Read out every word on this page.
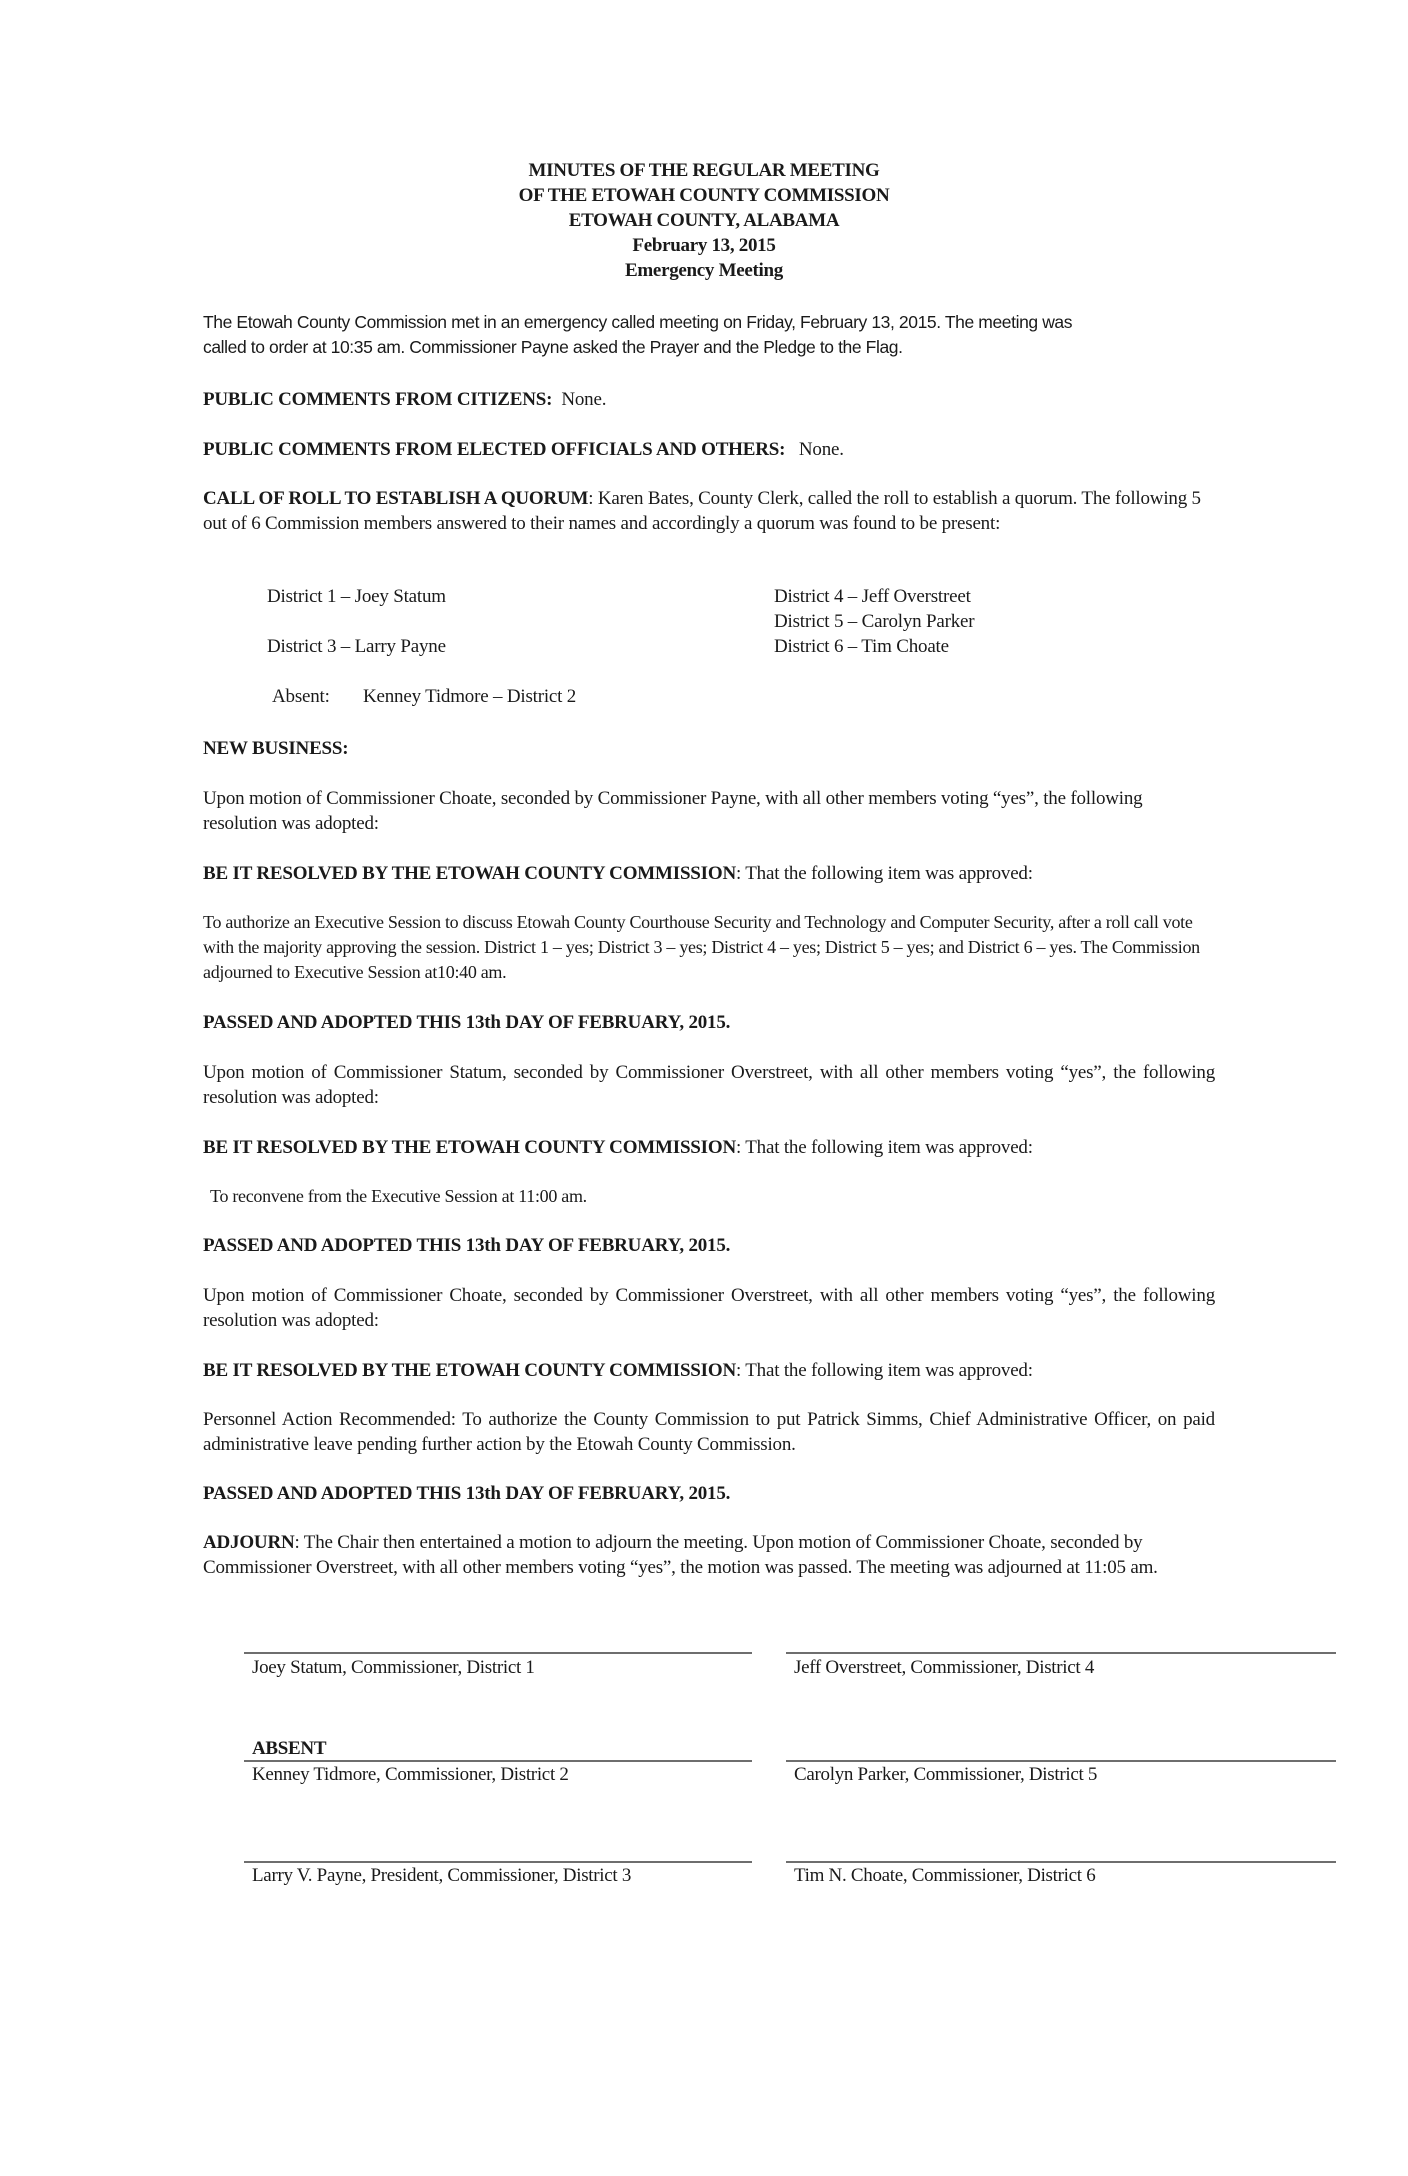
MINUTES OF THE REGULAR MEETING
OF THE ETOWAH COUNTY COMMISSION
ETOWAH COUNTY, ALABAMA
February 13, 2015
Emergency Meeting
The Etowah County Commission met in an emergency called meeting on Friday, February 13, 2015. The meeting was
called to order at 10:35 am. Commissioner Payne asked the Prayer and the Pledge to the Flag.
PUBLIC COMMENTS FROM CITIZENS: None.
PUBLIC COMMENTS FROM ELECTED OFFICIALS AND OTHERS: None.
CALL OF ROLL TO ESTABLISH A QUORUM: Karen Bates, County Clerk, called the roll to establish a quorum. The following 5 out of 6 Commission members answered to their names and accordingly a quorum was found to be present:
District 1 – Joey Statum
District 3 – Larry Payne
District 4 – Jeff Overstreet
District 5 – Carolyn Parker
District 6 – Tim Choate
Absent: Kenney Tidmore – District 2
NEW BUSINESS:
Upon motion of Commissioner Choate, seconded by Commissioner Payne, with all other members voting “yes”, the following resolution was adopted:
BE IT RESOLVED BY THE ETOWAH COUNTY COMMISSION: That the following item was approved:
To authorize an Executive Session to discuss Etowah County Courthouse Security and Technology and Computer Security, after a roll call vote with the majority approving the session. District 1 – yes; District 3 – yes; District 4 – yes; District 5 – yes; and District 6 – yes. The Commission adjourned to Executive Session at10:40 am.
PASSED AND ADOPTED THIS 13th DAY OF FEBRUARY, 2015.
Upon motion of Commissioner Statum, seconded by Commissioner Overstreet, with all other members voting “yes”, the following resolution was adopted:
BE IT RESOLVED BY THE ETOWAH COUNTY COMMISSION: That the following item was approved:
To reconvene from the Executive Session at 11:00 am.
PASSED AND ADOPTED THIS 13th DAY OF FEBRUARY, 2015.
Upon motion of Commissioner Choate, seconded by Commissioner Overstreet, with all other members voting “yes”, the following resolution was adopted:
BE IT RESOLVED BY THE ETOWAH COUNTY COMMISSION: That the following item was approved:
Personnel Action Recommended: To authorize the County Commission to put Patrick Simms, Chief Administrative Officer, on paid administrative leave pending further action by the Etowah County Commission.
PASSED AND ADOPTED THIS 13th DAY OF FEBRUARY, 2015.
ADJOURN: The Chair then entertained a motion to adjourn the meeting. Upon motion of Commissioner Choate, seconded by Commissioner Overstreet, with all other members voting “yes”, the motion was passed. The meeting was adjourned at 11:05 am.
Joey Statum, Commissioner, District 1	Jeff Overstreet, Commissioner, District 4
ABSENT
Kenney Tidmore, Commissioner, District 2	Carolyn Parker, Commissioner, District 5
Larry V. Payne, President, Commissioner, District 3	Tim N. Choate, Commissioner, District 6
